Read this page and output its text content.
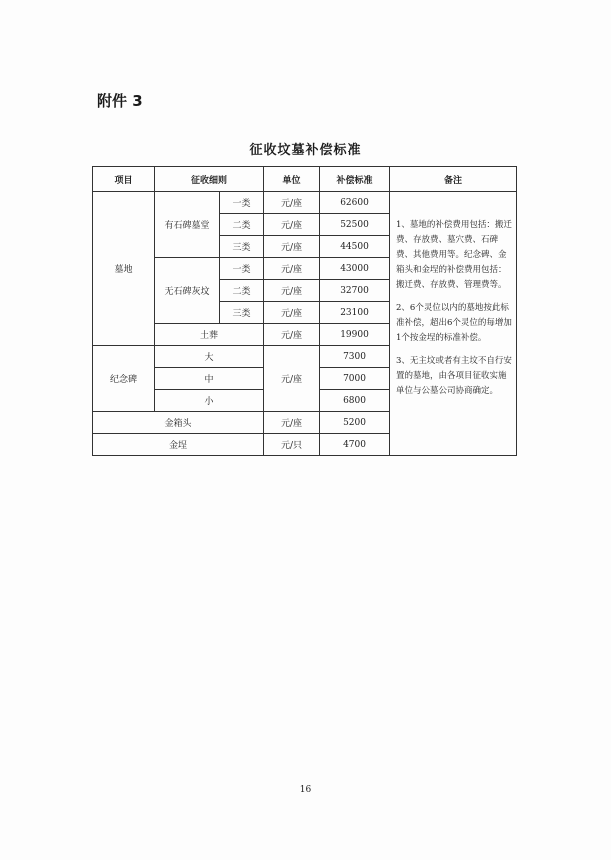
附件 3
征收坟墓补偿标准
项目	征收细则		单位	补偿标准	备注
墓地	有石碑墓堂	一类	元/座	62600	1、墓地的补偿费用包括：搬迁费、存放费、墓穴费、石碑费、其他费用等。纪念碑、金箱头和金埕的补偿费用包括：搬迁费、存放费、管理费等。

2、6个灵位以内的墓地按此标准补偿，超出6个灵位的每增加1个按金埕的标准补偿。

3、无主坟或者有主坟不自行安置的墓地，由各项目征收实施单位与公墓公司协商确定。

		二类	元/座	52500	
		三类	元/座	44500	
	无石碑灰坟	一类	元/座	43000	
		二类	元/座	32700	
		三类	元/座	23100	
	土葬		元/座	19900	
纪念碑	大		元/座	7300	
	中			7000	
	小			6800	
金箱头			元/座	5200	
金埕			元/只	4700	
16
